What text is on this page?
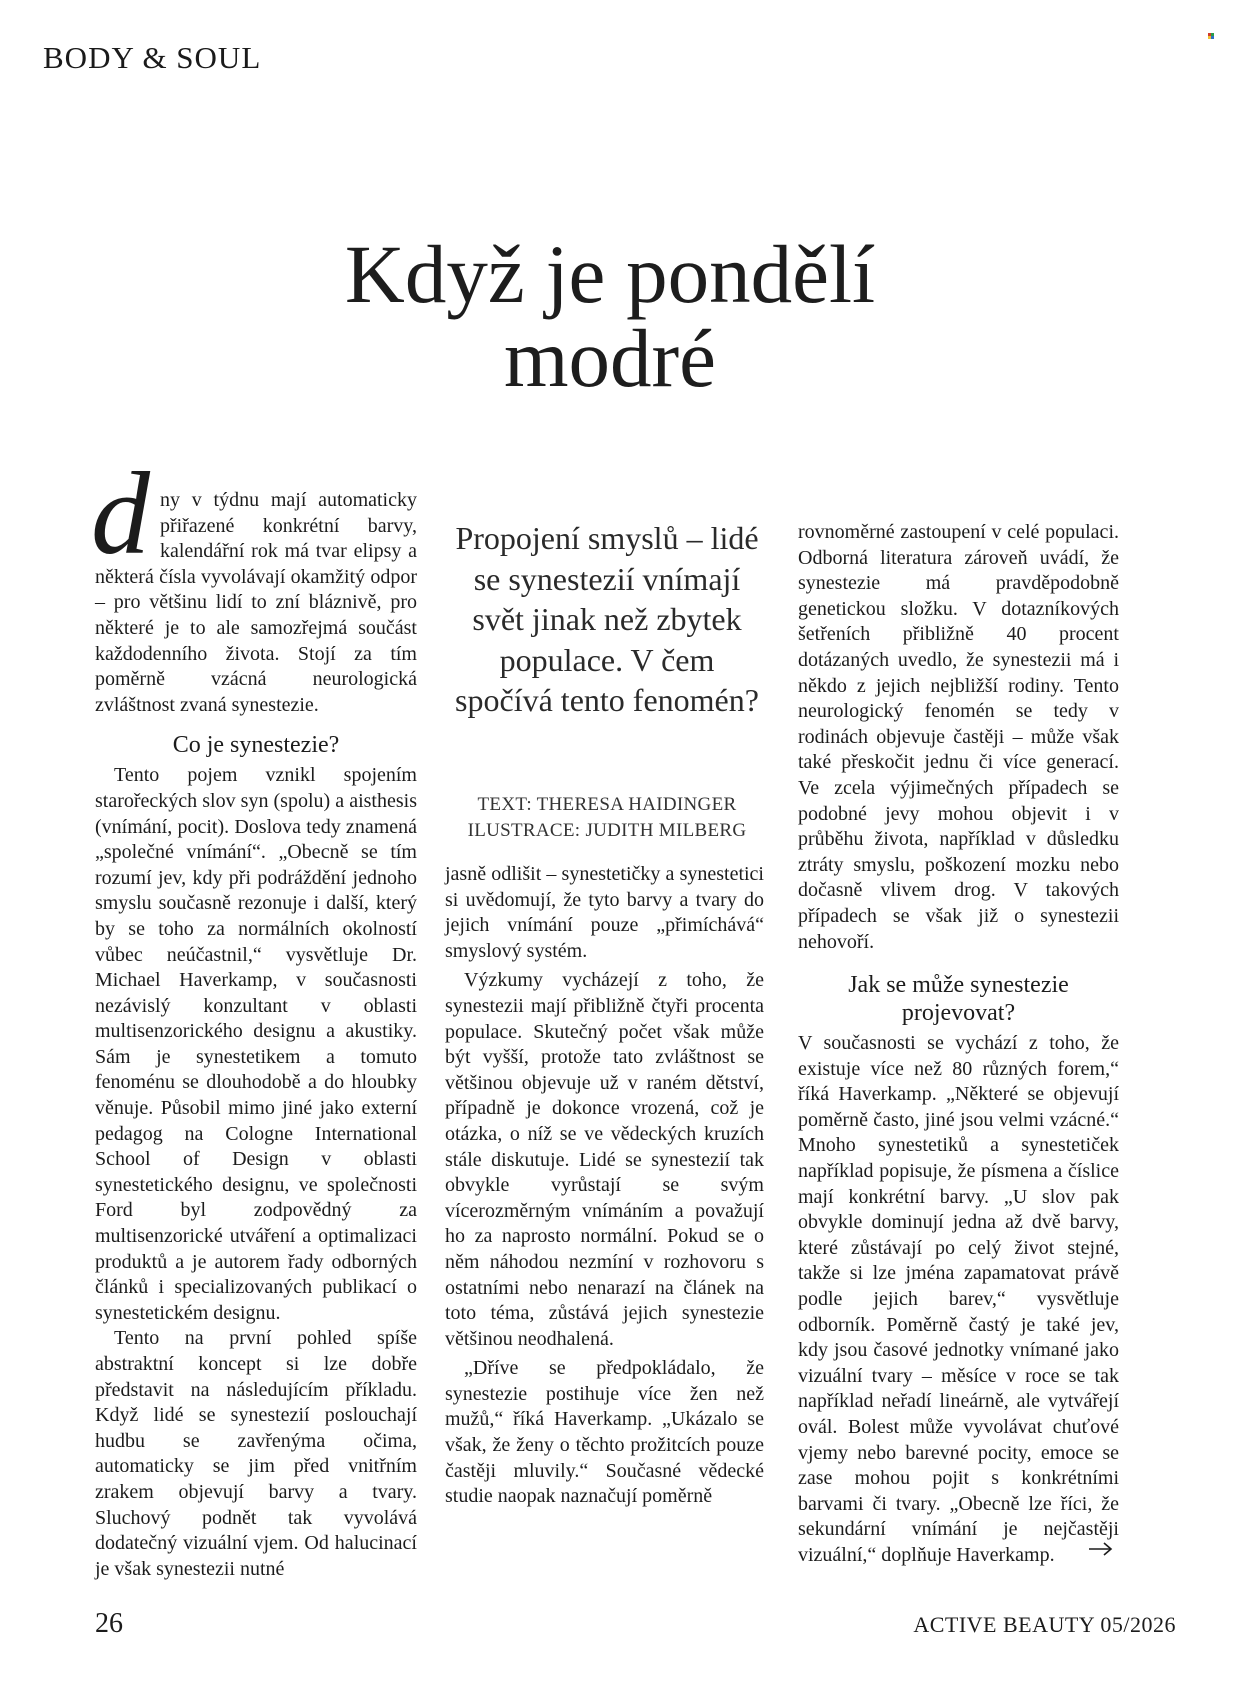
BODY & SOUL
Když je pondělí modré
d ny v týdnu mají automaticky přiřazené konkrétní barvy, kalendářní rok má tvar elipsy a některá čísla vyvolávají okamžitý odpor – pro většinu lidí to zní bláznivě, pro některé je to ale samozřejmá součást každodenního života. Stojí za tím poměrně vzácná neurologická zvláštnost zvaná synestezie.

Co je synestezie?

Tento pojem vznikl spojením starořeckých slov syn (spolu) a aisthesis (vnímání, pocit). Doslova tedy znamená „společné vnímání“. „Obecně se tím rozumí jev, kdy při podráždění jednoho smyslu současně rezonuje i další, který by se toho za normálních okolností vůbec neúčastnil,“ vysvětluje Dr. Michael Haverkamp, v současnosti nezávislý konzultant v oblasti multisenzorického designu a akustiky. Sám je synestetikem a tomuto fenoménu se dlouhodobě a do hloubky věnuje. Působil mimo jiné jako externí pedagog na Cologne International School of Design v oblasti synestetického designu, ve společnosti Ford byl zodpovědný za multisenzorické utváření a optimalizaci produktů a je autorem řady odborných článků i specializovaných publikací o synestetickém designu.

Tento na první pohled spíše abstraktní koncept si lze dobře představit na následujícím příkladu. Když lidé se synestezií poslouchají hudbu se zavřenýma očima, automaticky se jim před vnitřním zrakem objevují barvy a tvary. Sluchový podnět tak vyvolává dodatečný vizuální vjem. Od halucinací je však synestezii nutné

Propojení smyslů – lidé se synestezií vnímají svět jinak než zbytek populace. V čem spočívá tento fenomén?
TEXT: THERESA HAIDINGER
ILUSTRACE: JUDITH MILBERG

jasně odlišit – synestetičky a synestetici si uvědomují, že tyto barvy a tvary do jejich vnímání pouze „přimíchává“ smyslový systém.

Výzkumy vycházejí z toho, že synestezii mají přibližně čtyři procenta populace. Skutečný počet však může být vyšší, protože tato zvláštnost se většinou objevuje už v raném dětství, případně je dokonce vrozená, což je otázka, o níž se ve vědeckých kruzích stále diskutuje. Lidé se synestezií tak obvykle vyrůstají se svým vícerozměrným vnímáním a považují ho za naprosto normální. Pokud se o něm náhodou nezmíní v rozhovoru s ostatními nebo nenarazí na článek na toto téma, zůstává jejich synestezie většinou neodhalená.

„Dříve se předpokládalo, že synestezie postihuje více žen než mužů,“ říká Haverkamp. „Ukázalo se však, že ženy o těchto prožitcích pouze častěji mluvily.“ Současné vědecké studie naopak naznačují poměrně

rovnoměrné zastoupení v celé populaci. Odborná literatura zároveň uvádí, že synestezie má pravděpodobně genetickou složku. V dotazníkových šetřeních přibližně 40 procent dotázaných uvedlo, že synestezii má i někdo z jejich nejbližší rodiny. Tento neurologický fenomén se tedy v rodinách objevuje častěji – může však také přeskočit jednu či více generací. Ve zcela výjimečných případech se podobné jevy mohou objevit i v průběhu života, například v důsledku ztráty smyslu, poškození mozku nebo dočasně vlivem drog. V takových případech se však již o synestezii nehovoří.

Jak se může synestezie projevovat?

V současnosti se vychází z toho, že existuje více než 80 různých forem,“ říká Haverkamp. „Některé se objevují poměrně často, jiné jsou velmi vzácné.“ Mnoho synestetiků a synestetiček například popisuje, že písmena a číslice mají konkrétní barvy. „U slov pak obvykle dominují jedna až dvě barvy, které zůstávají po celý život stejné, takže si lze jména zapamatovat právě podle jejich barev,“ vysvětluje odborník. Poměrně častý je také jev, kdy jsou časové jednotky vnímané jako vizuální tvary – měsíce v roce se tak například neřadí lineárně, ale vytvářejí ovál. Bolest může vyvolávat chuťové vjemy nebo barevné pocity, emoce se zase mohou pojit s konkrétními barvami či tvary. „Obecně lze říci, že sekundární vnímání je nejčastěji vizuální,“ doplňuje Haverkamp.

26	ACTIVE BEAUTY 05/2026
